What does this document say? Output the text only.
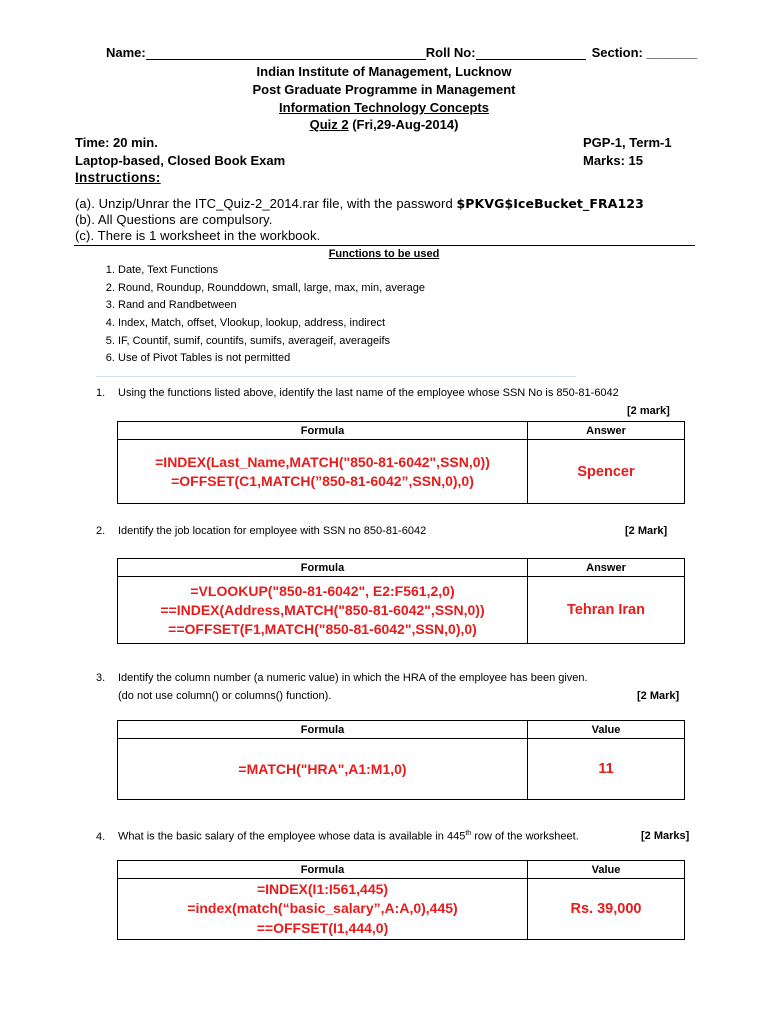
Name:	Roll No:	Section: _______
Indian Institute of Management, Lucknow
Post Graduate Programme in Management
Information Technology Concepts
Quiz 2 (Fri,29-Aug-2014)
Time: 20 min.	PGP-1, Term-1
Laptop-based, Closed Book Exam	Marks: 15
Instructions:
(a). Unzip/Unrar the ITC_Quiz-2_2014.rar file, with the password $PKVG$IceBucket_FRA123
(b). All Questions are compulsory.
(c). There is 1 worksheet in the workbook.
Functions to be used
1. Date, Text Functions
2. Round, Roundup, Rounddown, small, large, max, min, average
3. Rand and Randbetween
4. Index, Match, offset, Vlookup, lookup, address, indirect
5. IF, Countif, sumif, countifs, sumifs, averageif, averageifs
6. Use of Pivot Tables is not permitted
1. Using the functions listed above, identify the last name of the employee whose SSN No is 850-81-6042
[2 mark]
Formula	Answer

=INDEX(Last_Name,MATCH("850-81-6042",SSN,0))
=OFFSET(C1,MATCH(”850-81-6042”,SSN,0),0)	Spencer
2. Identify the job location for employee with SSN no 850-81-6042	[2 Mark]
Formula	Answer

=VLOOKUP("850-81-6042", E2:F561,2,0)
==INDEX(Address,MATCH("850-81-6042",SSN,0))
==OFFSET(F1,MATCH("850-81-6042",SSN,0),0)	Tehran Iran
3. Identify the column number (a numeric value) in which the HRA of the employee has been given.
(do not use column() or columns() function).	[2 Mark]
Formula	Value

=MATCH("HRA",A1:M1,0)	11
4. What is the basic salary of the employee whose data is available in 445th row of the worksheet.	[2 Marks]
Formula	Value

=INDEX(I1:I561,445)
=index(match(“basic_salary”,A:A,0),445)
==OFFSET(I1,444,0)	Rs. 39,000
